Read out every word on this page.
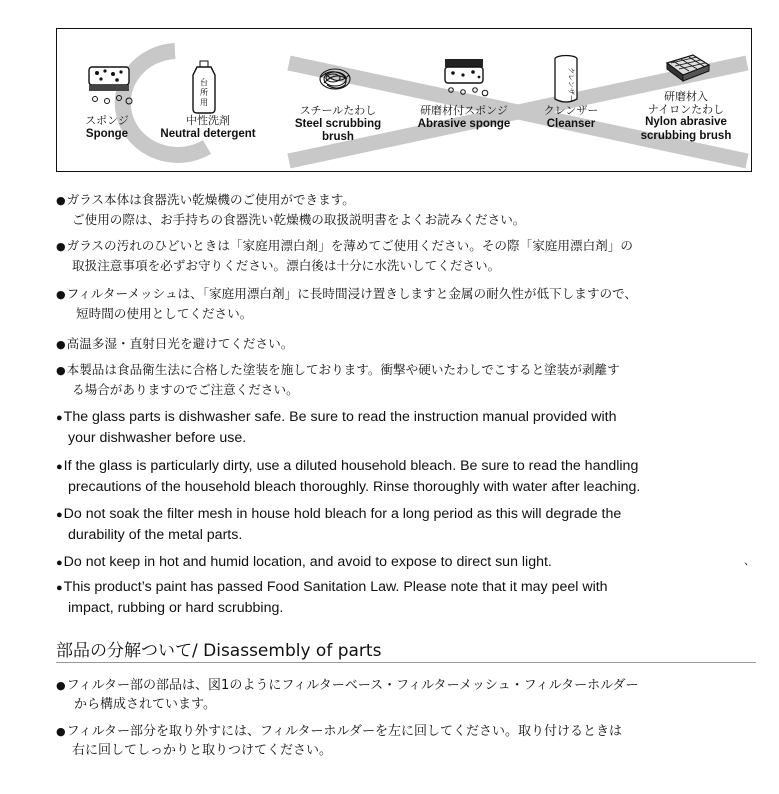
台
所
用
クレンザー
スポンジ
Sponge
中性洗剤
Neutral detergent
スチールたわし
Steel scrubbing
brush
研磨材付スポンジ
Abrasive sponge
クレンザー
Cleanser
研磨材入
ナイロンたわし
Nylon abrasive
scrubbing brush
●ガラス本体は食器洗い乾燥機のご使用ができます。
ご使用の際は、お手持ちの食器洗い乾燥機の取扱説明書をよくお読みください。
●ガラスの汚れのひどいときは「家庭用漂白剤」を薄めてご使用ください。その際「家庭用漂白剤」の
取扱注意事項を必ずお守りください。漂白後は十分に水洗いしてください。
●フィルターメッシュは、「家庭用漂白剤」に長時間浸け置きしますと金属の耐久性が低下しますので、
短時間の使用としてください。
●高温多湿・直射日光を避けてください。
●本製品は食品衛生法に合格した塗装を施しております。衝撃や硬いたわしでこすると塗装が剥離す
る場合がありますのでご注意ください。
●The glass parts is dishwasher safe. Be sure to read the instruction manual provided with
your dishwasher before use.
●If the glass is particularly dirty, use a diluted household bleach. Be sure to read the handling
precautions of the household bleach thoroughly. Rinse thoroughly with water after leaching.
●Do not soak the filter mesh in house hold bleach for a long period as this will degrade the
durability of the metal parts.
●Do not keep in hot and humid location, and avoid to expose to direct sun light.	、
●This product’s paint has passed Food Sanitation Law. Please note that it may peel with
impact, rubbing or hard scrubbing.
部品の分解ついて/ Disassembly of parts
●フィルター部の部品は、図1のようにフィルターベース・フィルターメッシュ・フィルターホルダー
から構成されています。
●フィルター部分を取り外すには、フィルターホルダーを左に回してください。取り付けるときは
右に回してしっかりと取りつけてください。
